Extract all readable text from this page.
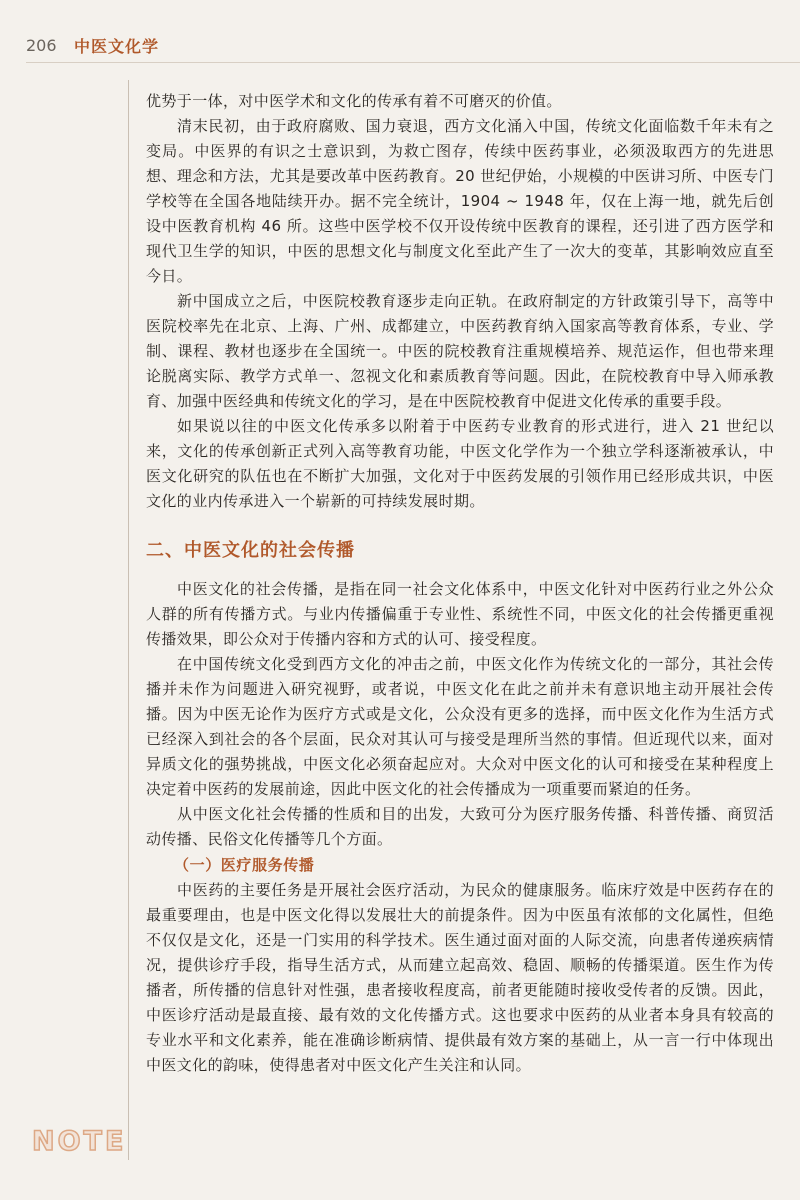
206 中医文化学

优势于一体，对中医学术和文化的传承有着不可磨灭的价值。

清末民初，由于政府腐败、国力衰退，西方文化涌入中国，传统文化面临数千年未有之变局。中医界的有识之士意识到，为救亡图存，传续中医药事业，必须汲取西方的先进思想、理念和方法，尤其是要改革中医药教育。20 世纪伊始，小规模的中医讲习所、中医专门学校等在全国各地陆续开办。据不完全统计，1904 ~ 1948 年，仅在上海一地，就先后创设中医教育机构 46 所。这些中医学校不仅开设传统中医教育的课程，还引进了西方医学和现代卫生学的知识，中医的思想文化与制度文化至此产生了一次大的变革，其影响效应直至今日。

新中国成立之后，中医院校教育逐步走向正轨。在政府制定的方针政策引导下，高等中医院校率先在北京、上海、广州、成都建立，中医药教育纳入国家高等教育体系，专业、学制、课程、教材也逐步在全国统一。中医的院校教育注重规模培养、规范运作，但也带来理论脱离实际、教学方式单一、忽视文化和素质教育等问题。因此，在院校教育中导入师承教育、加强中医经典和传统文化的学习，是在中医院校教育中促进文化传承的重要手段。

如果说以往的中医文化传承多以附着于中医药专业教育的形式进行，进入 21 世纪以来，文化的传承创新正式列入高等教育功能，中医文化学作为一个独立学科逐渐被承认，中医文化研究的队伍也在不断扩大加强，文化对于中医药发展的引领作用已经形成共识，中医文化的业内传承进入一个崭新的可持续发展时期。

二、中医文化的社会传播

中医文化的社会传播，是指在同一社会文化体系中，中医文化针对中医药行业之外公众人群的所有传播方式。与业内传播偏重于专业性、系统性不同，中医文化的社会传播更重视传播效果，即公众对于传播内容和方式的认可、接受程度。

在中国传统文化受到西方文化的冲击之前，中医文化作为传统文化的一部分，其社会传播并未作为问题进入研究视野，或者说，中医文化在此之前并未有意识地主动开展社会传播。因为中医无论作为医疗方式或是文化，公众没有更多的选择，而中医文化作为生活方式已经深入到社会的各个层面，民众对其认可与接受是理所当然的事情。但近现代以来，面对异质文化的强势挑战，中医文化必须奋起应对。大众对中医文化的认可和接受在某种程度上决定着中医药的发展前途，因此中医文化的社会传播成为一项重要而紧迫的任务。

从中医文化社会传播的性质和目的出发，大致可分为医疗服务传播、科普传播、商贸活动传播、民俗文化传播等几个方面。

（一）医疗服务传播

中医药的主要任务是开展社会医疗活动，为民众的健康服务。临床疗效是中医药存在的最重要理由，也是中医文化得以发展壮大的前提条件。因为中医虽有浓郁的文化属性，但绝不仅仅是文化，还是一门实用的科学技术。医生通过面对面的人际交流，向患者传递疾病情况，提供诊疗手段，指导生活方式，从而建立起高效、稳固、顺畅的传播渠道。医生作为传播者，所传播的信息针对性强，患者接收程度高，前者更能随时接收受传者的反馈。因此，中医诊疗活动是最直接、最有效的文化传播方式。这也要求中医药的从业者本身具有较高的专业水平和文化素养，能在准确诊断病情、提供最有效方案的基础上，从一言一行中体现出中医文化的韵味，使得患者对中医文化产生关注和认同。

NOTE
